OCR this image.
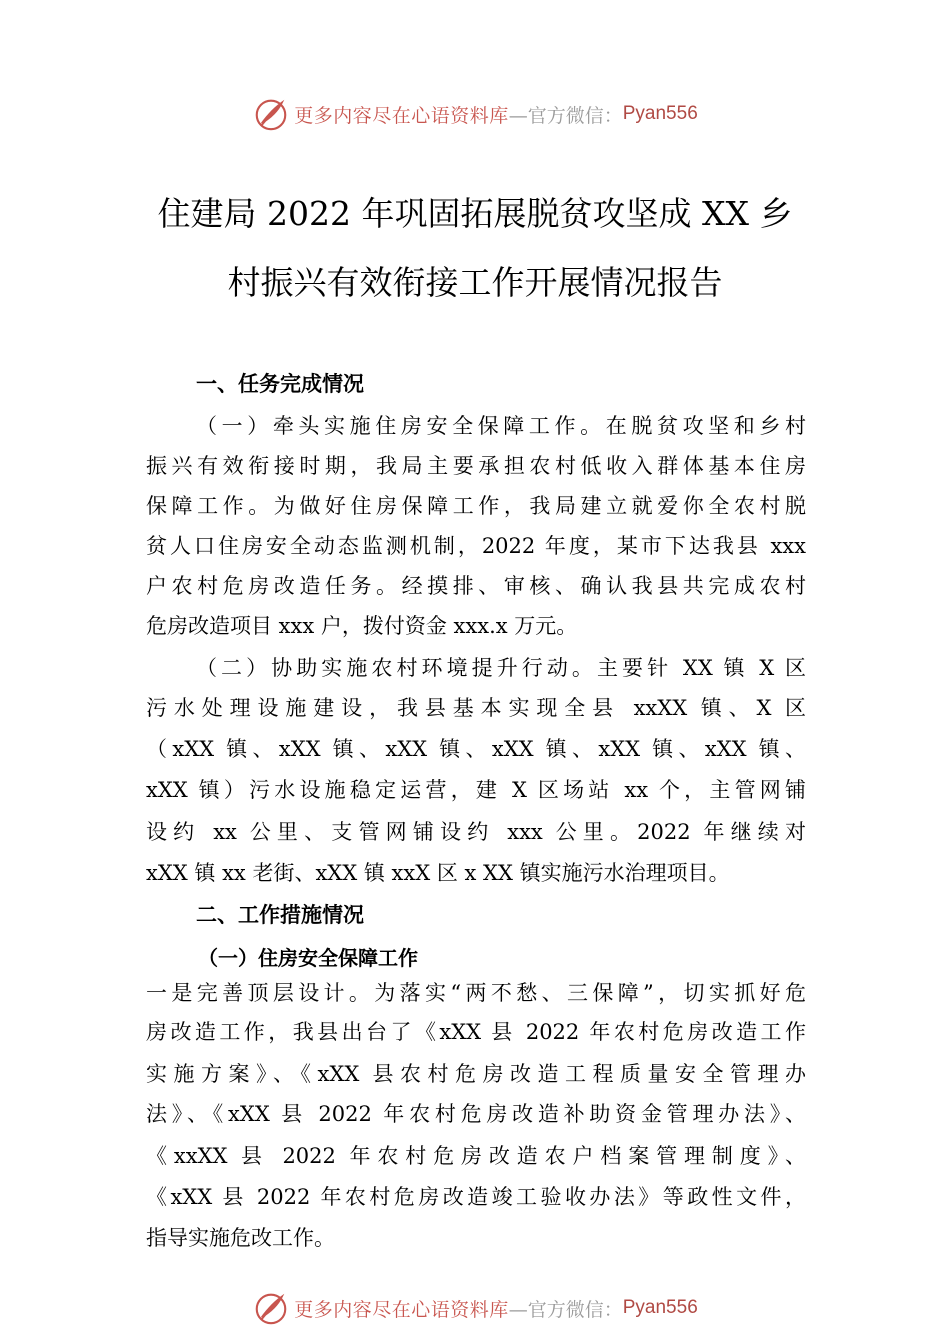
更多内容尽在心语资料库 —官方微信： Pyan556
住建局 2022 年巩固拓展脱贫攻坚成 XX 乡
村振兴有效衔接工作开展情况报告
一、任务完成情况
（一）牵头实施住房安全保障工作。在脱贫攻坚和乡村
振兴有效衔接时期，我局主要承担农村低收入群体基本住房
保障工作。为做好住房保障工作，我局建立就爱你全农村脱
贫人口住房安全动态监测机制，2022 年度，某市下达我县 xxx
户农村危房改造任务。经摸排、审核、确认我县共完成农村
危房改造项目 xxx 户，拨付资金 xxx.x 万元。
（二）协助实施农村环境提升行动。主要针 XX 镇 X 区
污水处理设施建设，我县基本实现全县 xxXX 镇、X 区
（xXX 镇、xXX 镇、xXX 镇、xXX 镇、xXX 镇、xXX 镇、
xXX 镇）污水设施稳定运营，建 X 区场站 xx 个，主管网铺
设约 xx 公里、支管网铺设约 xxx 公里。2022 年继续对
xXX 镇 xx 老街、xXX 镇 xxX 区 x XX 镇实施污水治理项目。
二、工作措施情况
（一）住房安全保障工作
一是完善顶层设计。为落实“两不愁、三保障”，切实抓好危
房改造工作，我县出台了《xXX 县 2022 年农村危房改造工作
实施方案》、《xXX 县农村危房改造工程质量安全管理办
法》、《xXX 县 2022 年农村危房改造补助资金管理办法》、
《xxXX 县 2022 年农村危房改造农户档案管理制度》、
《xXX 县 2022 年农村危房改造竣工验收办法》等政性文件，
指导实施危改工作。
更多内容尽在心语资料库 —官方微信： Pyan556
